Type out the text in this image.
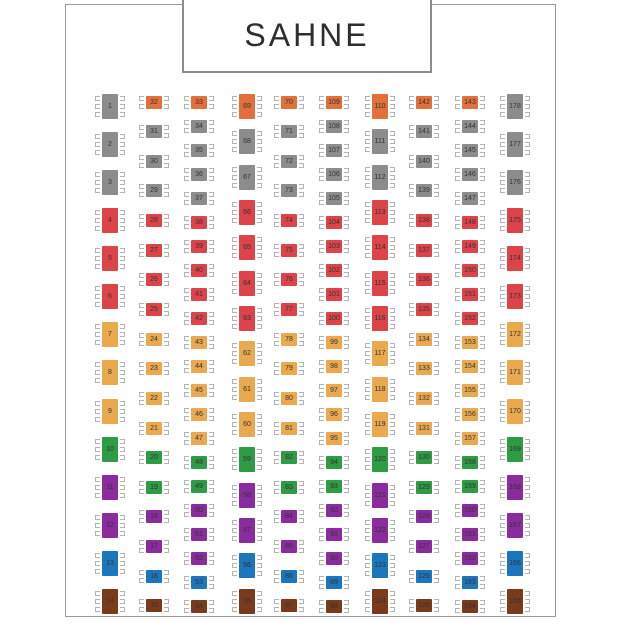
1
2
3
4
5
6
7
8
9
10
11
12
13
14
32
31
30
29
28
27
26
25
24
23
22
21
20
19
18
17
16
15
33
34
35
36
37
38
39
40
41
42
43
44
45
46
47
48
49
50
51
52
53
54
69
68
67
66
65
64
63
62
61
60
59
58
57
56
55
70
71
72
73
74
75
76
77
78
79
80
81
82
83
84
85
86
87
109
108
107
106
105
104
103
102
101
100
99
98
97
96
95
94
93
92
91
90
89
88
110
111
112
113
114
115
116
117
118
119
120
121
122
123
124
142
141
140
139
138
137
136
135
134
133
132
131
130
129
128
127
126
125
143
144
145
146
147
148
149
150
151
152
153
154
155
156
157
158
159
160
161
162
163
164
178
177
176
175
174
173
172
171
170
169
168
167
166
165
SAHNE
